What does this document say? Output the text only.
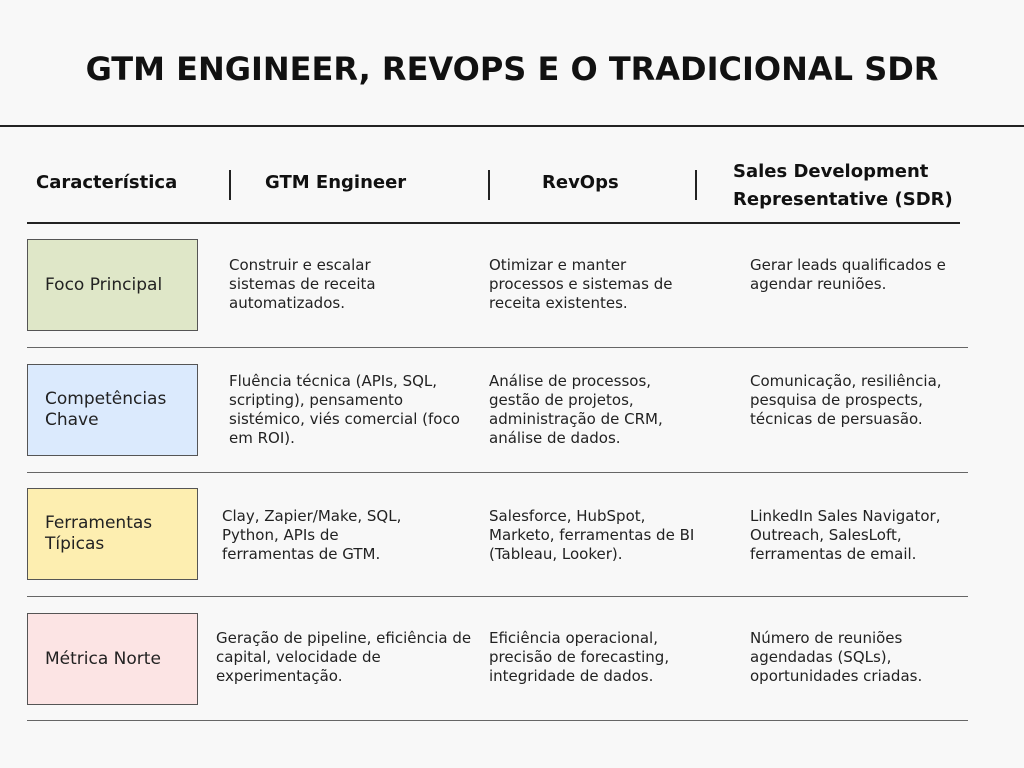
GTM ENGINEER, REVOPS E O TRADICIONAL SDR
Característica	GTM Engineer	RevOps
Sales Development Representative (SDR)
Foco Principal
Construir e escalar sistemas de receita automatizados.
Otimizar e manter processos e sistemas de receita existentes.
Gerar leads qualificados e agendar reuniões.
Competências Chave
Fluência técnica (APIs, SQL, scripting), pensamento sistémico, viés comercial (foco em ROI).
Análise de processos, gestão de projetos, administração de CRM, análise de dados.
Comunicação, resiliência, pesquisa de prospects, técnicas de persuasão.
Ferramentas Típicas
Clay, Zapier/Make, SQL, Python, APIs de ferramentas de GTM.
Salesforce, HubSpot, Marketo, ferramentas de BI (Tableau, Looker).
LinkedIn Sales Navigator, Outreach, SalesLoft, ferramentas de email.
Métrica Norte
Geração de pipeline, eficiência de capital, velocidade de experimentação.
Eficiência operacional, precisão de forecasting, integridade de dados.
Número de reuniões agendadas (SQLs), oportunidades criadas.
